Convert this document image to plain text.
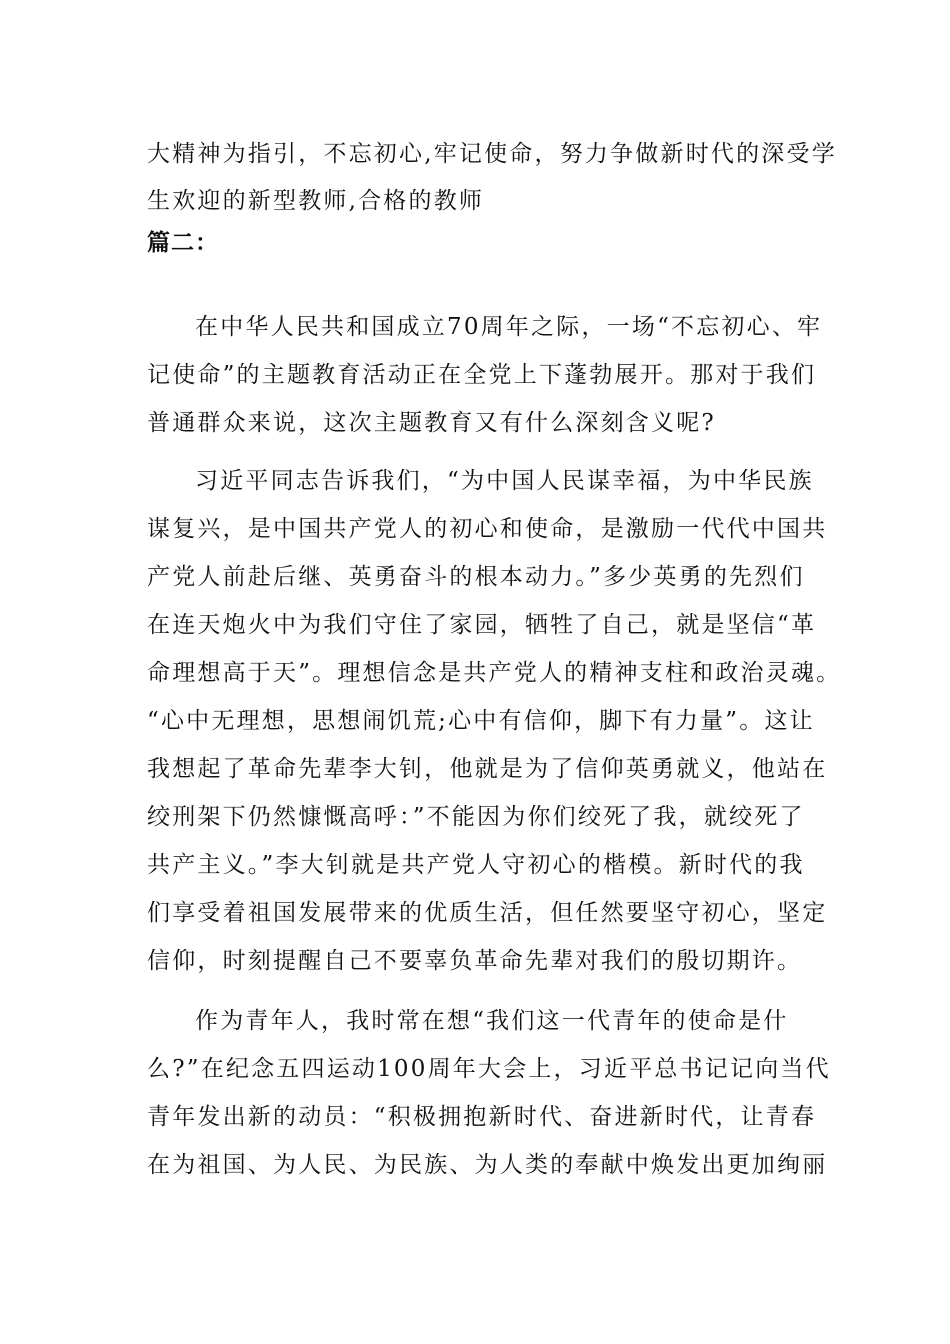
大精神为指引，不忘初心,牢记使命，努力争做新时代的深受学

生欢迎的新型教师,合格的教师

篇二：

在中华人民共和国成立70周年之际，一场“不忘初心、牢

记使命”的主题教育活动正在全党上下蓬勃展开。那对于我们

普通群众来说，这次主题教育又有什么深刻含义呢?

习近平同志告诉我们，“为中国人民谋幸福，为中华民族

谋复兴，是中国共产党人的初心和使命，是激励一代代中国共

产党人前赴后继、英勇奋斗的根本动力。”多少英勇的先烈们

在连天炮火中为我们守住了家园，牺牲了自己，就是坚信“革

命理想高于天”。理想信念是共产党人的精神支柱和政治灵魂。

“心中无理想，思想闹饥荒;心中有信仰，脚下有力量”。这让

我想起了革命先辈李大钊，他就是为了信仰英勇就义，他站在

绞刑架下仍然慷慨高呼：”不能因为你们绞死了我，就绞死了

共产主义。”李大钊就是共产党人守初心的楷模。新时代的我

们享受着祖国发展带来的优质生活，但任然要坚守初心，坚定

信仰，时刻提醒自己不要辜负革命先辈对我们的殷切期许。

作为青年人，我时常在想“我们这一代青年的使命是什

么?”在纪念五四运动100周年大会上，习近平总书记记向当代

青年发出新的动员：“积极拥抱新时代、奋进新时代，让青春

在为祖国、为人民、为民族、为人类的奉献中焕发出更加绚丽
